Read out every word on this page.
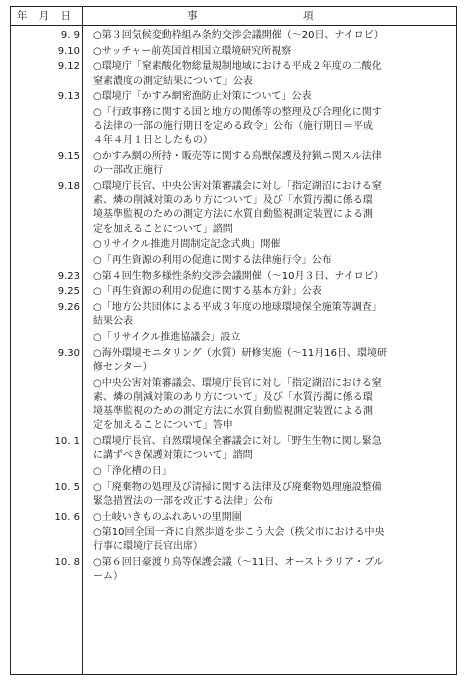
年 月 日	事	項
9. 9 ○第３回気候変動枠組み条約交渉会議開催（～20日、ナイロビ）
9.10 ○サッチャー前英国首相国立環境研究所視察
9.12 ○環境庁「窒素酸化物総量規制地域における平成２年度の二酸化
窒素濃度の測定結果について」公表
9.13 ○環境庁「かすみ網密漁防止対策について」公表
○「行政事務に関する国と地方の関係等の整理及び合理化に関す
る法律の一部の施行期日を定める政令」公布（施行期日＝平成
４年４月１日としたもの）
9.15 ○かすみ網の所持・販売等に関する鳥獣保護及狩猟ニ関スル法律
の一部改正施行
9.18 ○環境庁長官、中央公害対策審議会に対し「指定湖沼における窒
素、燐の削減対策のあり方について」及び「水質汚濁に係る環
境基準監視のための測定方法に水質自動監視測定装置による測
定を加えることについて」諮問
○リサイクル推進月間制定記念式典」開催
○「再生資源の利用の促進に関する法律施行令」公布
9.23 ○第４回生物多様性条約交渉会議開催（～10月３日、ナイロビ）
9.25 ○「再生資源の利用の促進に関する基本方針」公表
9.26 ○「地方公共団体による平成３年度の地球環境保全施策等調査」
結果公表
○「リサイクル推進協議会」設立
9.30 ○海外環境モニタリング（水質）研修実施（～11月16日、環境研
修センター）
○中央公害対策審議会、環境庁長官に対し「指定湖沼における窒
素、燐の削減対策のあり方について」及び「水質汚濁に係る環
境基準監視のための測定方法に水質自動監視測定装置による測
定を加えることについて」答申
10. 1 ○環境庁長官、自然環境保全審議会に対し「野生生物に関し緊急
に講ずべき保護対策について」諮問
○「浄化槽の日」
10. 5 ○「廃棄物の処理及び清掃に関する法律及び廃棄物処理施設整備
緊急措置法の一部を改正する法律」公布
10. 6 ○土岐いきものふれあいの里開園
○第10回全国一斉に自然歩道を歩こう大会（秩父市における中央
行事に環境庁長官出席）
10. 8 ○第６回日豪渡り鳥等保護会議（～11日、オーストラリア・ブル
ーム）
